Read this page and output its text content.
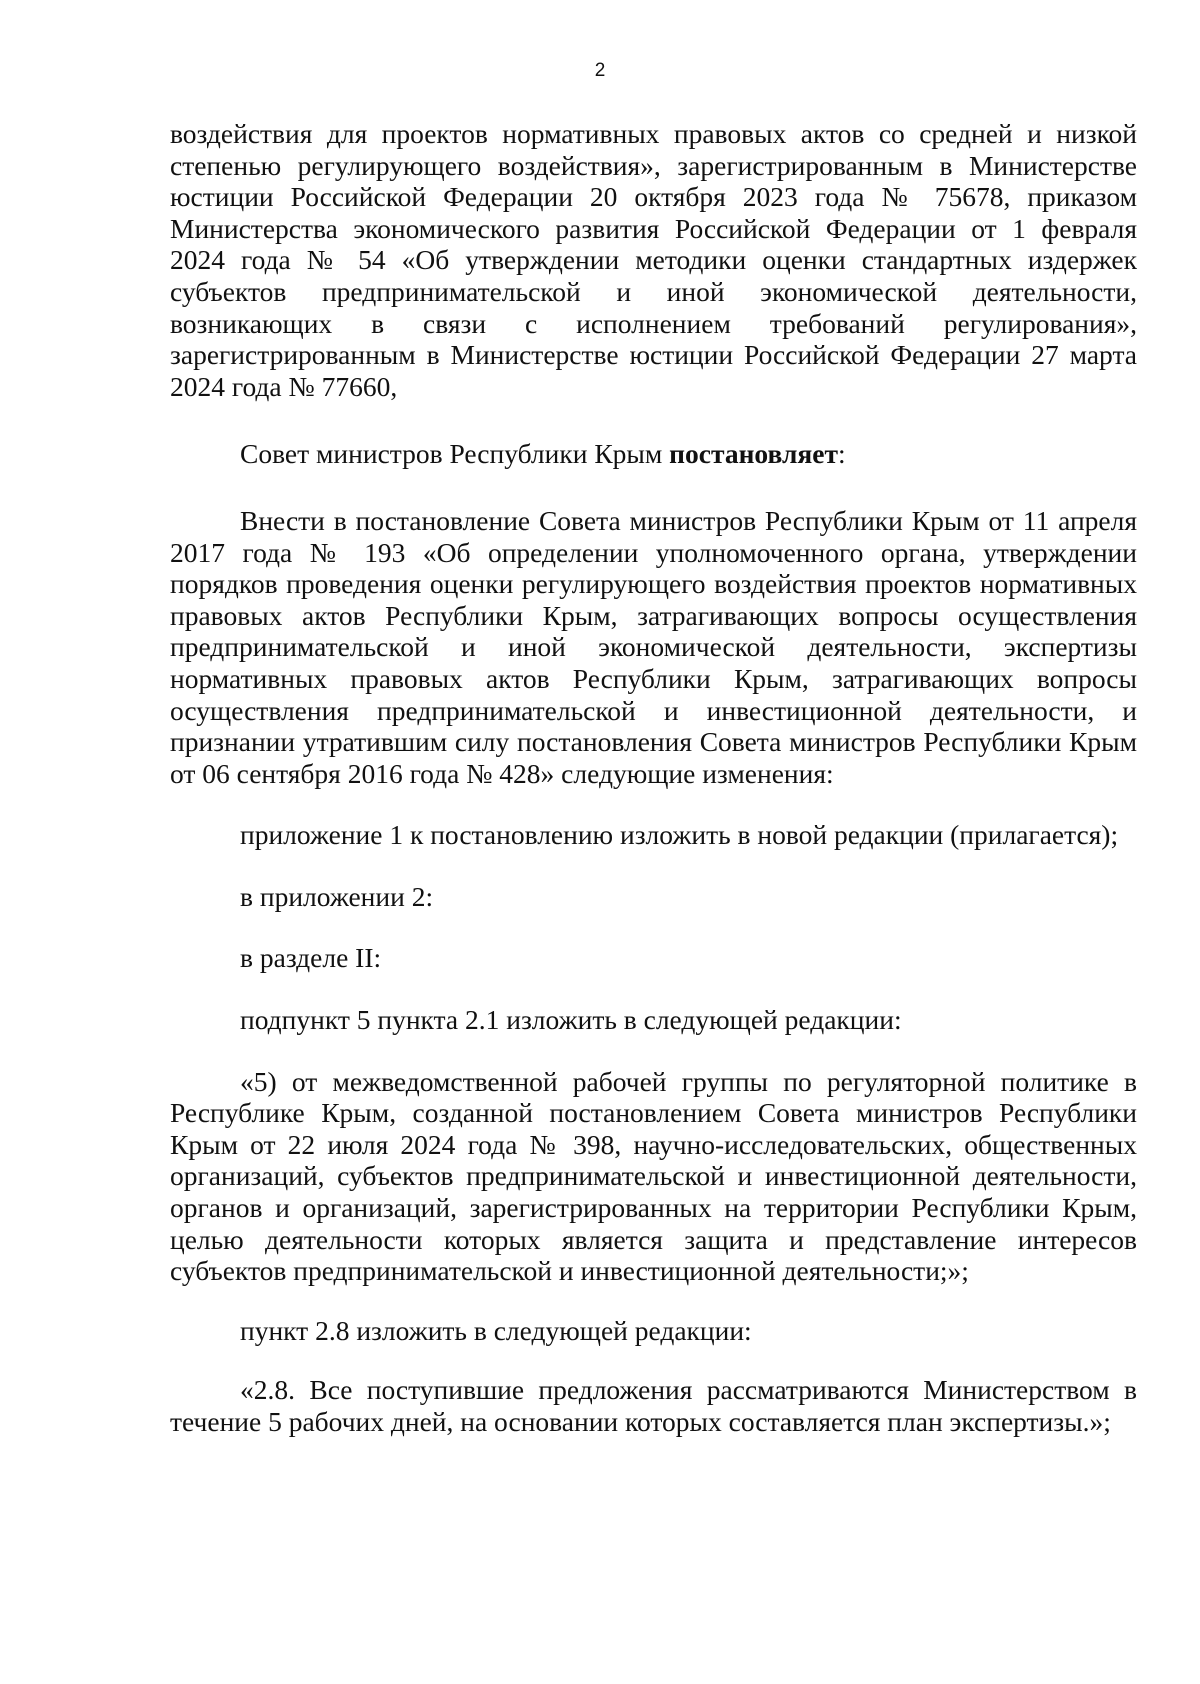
2

воздействия для проектов нормативных правовых актов со средней и низкой степенью регулирующего воздействия», зарегистрированным в Министерстве юстиции Российской Федерации 20 октября 2023 года № 75678, приказом Министерства экономического развития Российской Федерации от 1 февраля 2024 года № 54 «Об утверждении методики оценки стандартных издержек субъектов предпринимательской и иной экономической деятельности, возникающих в связи с исполнением требований регулирования», зарегистрированным в Министерстве юстиции Российской Федерации 27 марта 2024 года № 77660,

Совет министров Республики Крым постановляет:

Внести в постановление Совета министров Республики Крым от 11 апреля 2017 года № 193 «Об определении уполномоченного органа, утверждении порядков проведения оценки регулирующего воздействия проектов нормативных правовых актов Республики Крым, затрагивающих вопросы осуществления предпринимательской и иной экономической деятельности, экспертизы нормативных правовых актов Республики Крым, затрагивающих вопросы осуществления предпринимательской и инвестиционной деятельности, и признании утратившим силу постановления Совета министров Республики Крым от 06 сентября 2016 года № 428» следующие изменения:

приложение 1 к постановлению изложить в новой редакции (прилагается);

в приложении 2:

в разделе II:

подпункт 5 пункта 2.1 изложить в следующей редакции:

«5) от межведомственной рабочей группы по регуляторной политике в Республике Крым, созданной постановлением Совета министров Республики Крым от 22 июля 2024 года № 398, научно-исследовательских, общественных организаций, субъектов предпринимательской и инвестиционной деятельности, органов и организаций, зарегистрированных на территории Республики Крым, целью деятельности которых является защита и представление интересов субъектов предпринимательской и инвестиционной деятельности;»;

пункт 2.8 изложить в следующей редакции:

«2.8. Все поступившие предложения рассматриваются Министерством в течение 5 рабочих дней, на основании которых составляется план экспертизы.»;
